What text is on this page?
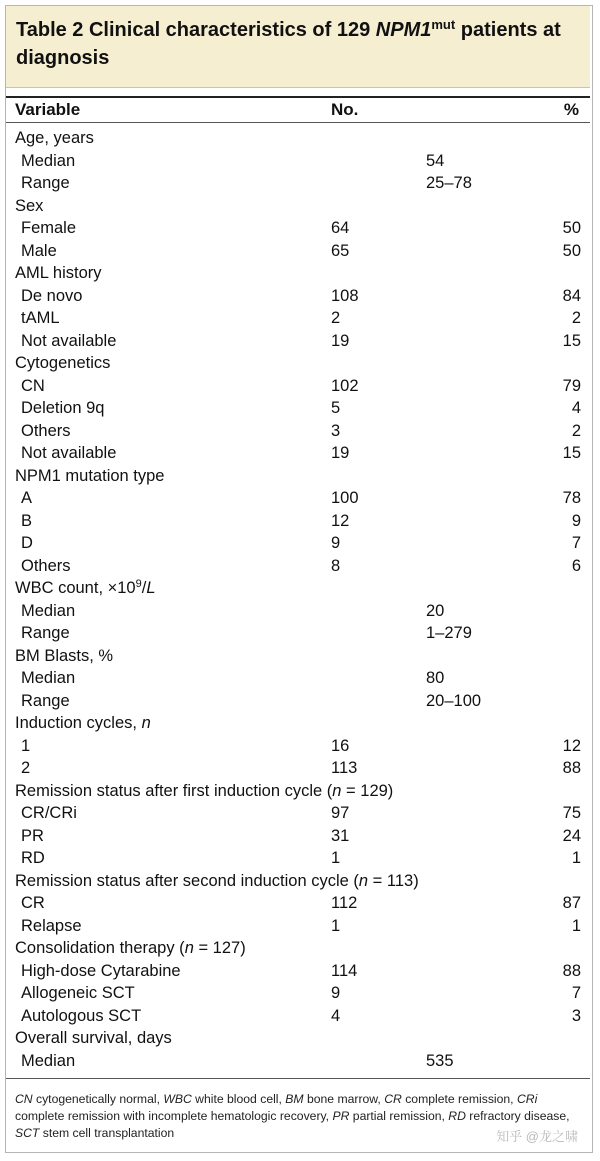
Table 2 Clinical characteristics of 129 $NPM1^{mut}$ patients at diagnosis
Variable	No.	%
Age, years
Median	54
Range	25–78
Sex
Female	64	50
Male	65	50
AML history
De novo	108	84
tAML	2	2
Not available	19	15
Cytogenetics
CN	102	79
Deletion 9q	5	4
Others	3	2
Not available	19	15
NPM1 mutation type
A	100	78
B	12	9
D	9	7
Others	8	6
WBC count, $\times 10^9/L$
Median	20
Range	1–279
BM Blasts, %
Median	80
Range	20–100
Induction cycles, n
1	16	12
2	113	88
Remission status after first induction cycle (n = 129)
CR/CRi	97	75
PR	31	24
RD	1	1
Remission status after second induction cycle (n = 113)
CR	112	87
Relapse	1	1
Consolidation therapy (n = 127)
High-dose Cytarabine	114	88
Allogeneic SCT	9	7
Autologous SCT	4	3
Overall survival, days
Median	535
CN cytogenetically normal, WBC white blood cell, BM bone marrow, CR complete remission, CRi complete remission with incomplete hematologic recovery, PR partial remission, RD refractory disease, SCT stem cell transplantation	知乎 @龙之啸
